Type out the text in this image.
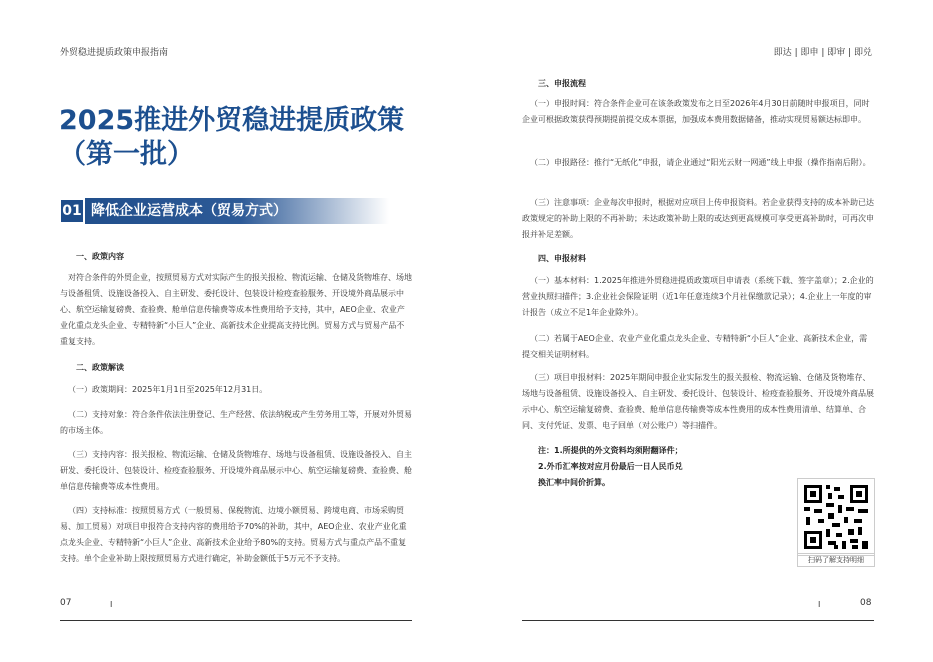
外贸稳进提质政策申报指南
2025推进外贸稳进提质政策
（第一批）
01 降低企业运营成本（贸易方式）
一、政策内容
对符合条件的外贸企业，按照贸易方式对实际产生的报关报检、物流运输、仓储及货物堆存、场地与设备租赁、设施设备投入、自主研发、委托设计、包装设计检疫查验服务、开设境外商品展示中心、航空运输复磅费、查验费、舱单信息传输费等成本性费用给予支持，其中，AEO企业、农业产业化重点龙头企业、专精特新“小巨人”企业、高新技术企业提高支持比例。贸易方式与贸易产品不重复支持。
二、政策解读
（一）政策期间：2025年1月1日至2025年12月31日。
（二）支持对象：符合条件依法注册登记、生产经营、依法纳税或产生劳务用工等，开展对外贸易的市场主体。
（三）支持内容：报关报检、物流运输、仓储及货物堆存、场地与设备租赁、设施设备投入、自主研发、委托设计、包装设计、检疫查验服务、开设境外商品展示中心、航空运输复磅费、查验费、舱单信息传输费等成本性费用。
（四）支持标准：按照贸易方式（一般贸易、保税物流、边境小额贸易、跨境电商、市场采购贸易、加工贸易）对项目申报符合支持内容的费用给予70%的补助，其中，AEO企业、农业产业化重点龙头企业、专精特新“小巨人”企业、高新技术企业给予80%的支持。贸易方式与重点产品不重复支持。单个企业补助上限按照贸易方式进行确定，补助金额低于5万元不予支持。
07	I
即达 | 即申 | 即审 | 即兑
三、申报流程
（一）申报时间：符合条件企业可在该条政策发布之日至2026年4月30日前随时申报项目，同时企业可根据政策获得预期提前提交成本票据，加强成本费用数据储备，推动实现贸易额达标即申。
（二）申报路径：推行“无纸化”申报，请企业通过“阳光云财一网通”线上申报（操作指南后附）。
（三）注意事项：企业每次申报时，根据对应项目上传申报资料。若企业获得支持的成本补助已达政策规定的补助上限的不再补助；未达政策补助上限的或达到更高规模可享受更高补助时，可再次申报并补足差额。
四、申报材料
（一）基本材料：1.2025年推进外贸稳进提质政策项目申请表（系统下载、签字盖章）；2.企业的营业执照扫描件；3.企业社会保险证明（近1年任意连续3个月社保缴款记录）；4.企业上一年度的审计报告（成立不足1年企业除外）。
（二）若属于AEO企业、农业产业化重点龙头企业、专精特新“小巨人”企业、高新技术企业，需提交相关证明材料。
（三）项目申报材料：2025年期间申报企业实际发生的报关报检、物流运输、仓储及货物堆存、场地与设备租赁、设施设备投入、自主研发、委托设计、包装设计、检疫查验服务、开设境外商品展示中心、航空运输复磅费、查验费、舱单信息传输费等成本性费用的成本性费用清单、结算单、合同、支付凭证、发票、电子回单（对公账户）等扫描件。
注：1.所提供的外文资料均须附翻译件；
2.外币汇率按对应月份最后一日人民币兑
换汇率中间价折算。
扫码了解支持明细
I	08
